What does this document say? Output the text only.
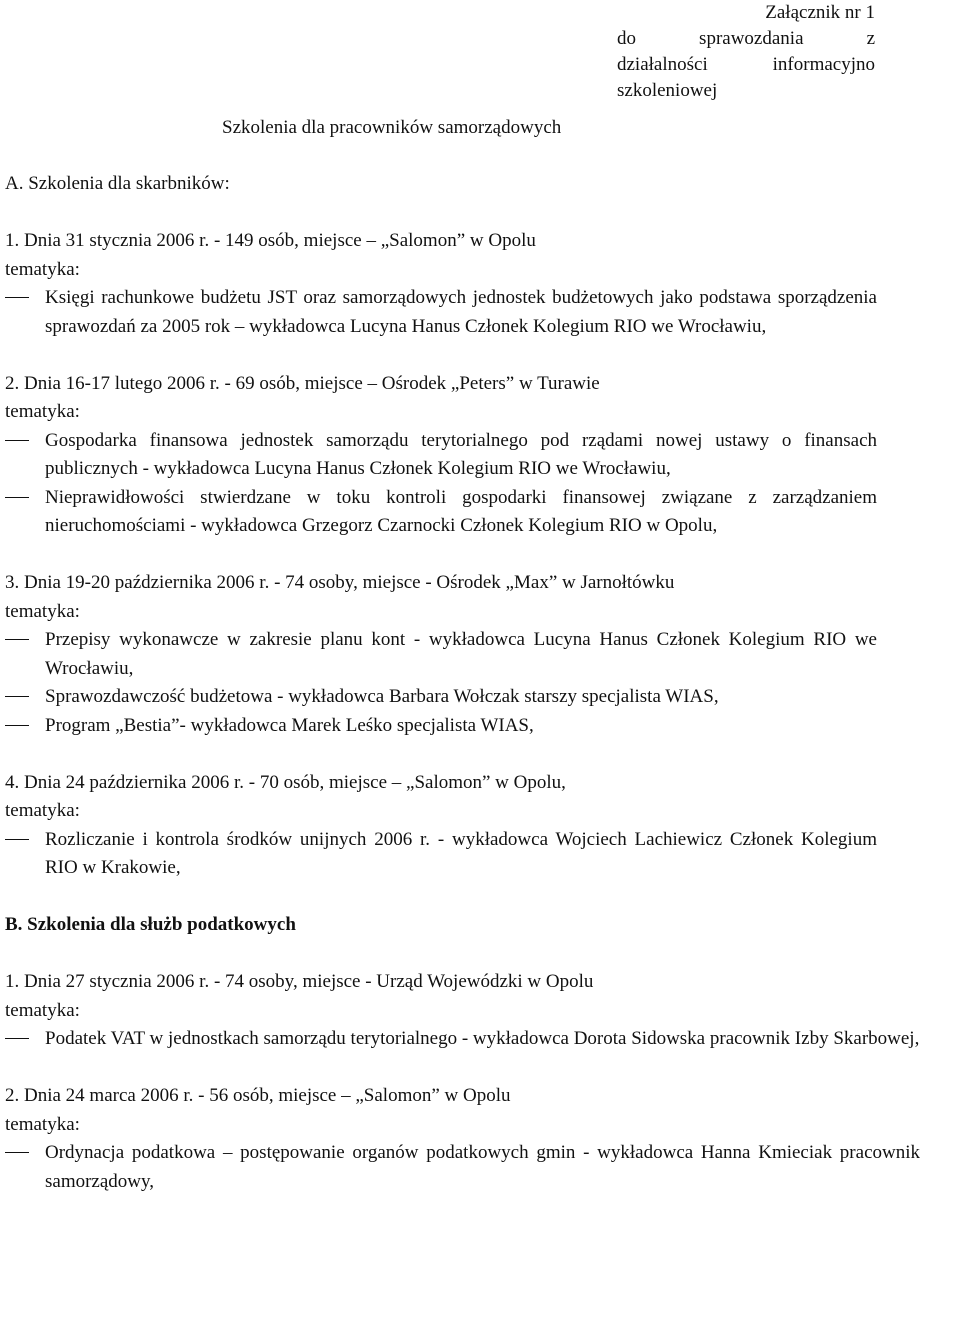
Załącznik nr 1
do sprawozdania z
działalności informacyjno
szkoleniowej
Szkolenia dla pracowników samorządowych
A. Szkolenia dla skarbników:
1. Dnia 31 stycznia 2006 r. - 149 osób, miejsce – „Salomon” w Opolu
tematyka:
Księgi rachunkowe budżetu JST oraz samorządowych jednostek budżetowych jako podstawa sporządzenia sprawozdań za 2005 rok – wykładowca Lucyna Hanus Członek Kolegium RIO we Wrocławiu,
2. Dnia 16-17 lutego 2006 r. - 69 osób, miejsce – Ośrodek „Peters” w Turawie
tematyka:
Gospodarka finansowa jednostek samorządu terytorialnego pod rządami nowej ustawy o finansach publicznych - wykładowca Lucyna Hanus Członek Kolegium RIO we Wrocławiu,
Nieprawidłowości stwierdzane w toku kontroli gospodarki finansowej związane z zarządzaniem nieruchomościami - wykładowca Grzegorz Czarnocki Członek Kolegium RIO w Opolu,
3. Dnia 19-20 października 2006 r. - 74 osoby, miejsce - Ośrodek „Max” w Jarnołtówku
tematyka:
Przepisy wykonawcze w zakresie planu kont - wykładowca Lucyna Hanus Członek Kolegium RIO we Wrocławiu,
Sprawozdawczość budżetowa - wykładowca Barbara Wołczak starszy specjalista WIAS,
Program „Bestia”- wykładowca Marek Leśko specjalista WIAS,
4. Dnia 24 października 2006 r. - 70 osób, miejsce – „Salomon” w Opolu,
tematyka:
Rozliczanie i kontrola środków unijnych 2006 r. - wykładowca Wojciech Lachiewicz Członek Kolegium RIO w Krakowie,
B. Szkolenia dla służb podatkowych
1. Dnia 27 stycznia 2006 r. - 74 osoby, miejsce - Urząd Wojewódzki w Opolu
tematyka:
Podatek VAT w jednostkach samorządu terytorialnego - wykładowca Dorota Sidowska pracownik Izby Skarbowej,
2. Dnia 24 marca 2006 r. - 56 osób, miejsce – „Salomon” w Opolu
tematyka:
Ordynacja podatkowa – postępowanie organów podatkowych gmin - wykładowca Hanna Kmieciak pracownik samorządowy,
